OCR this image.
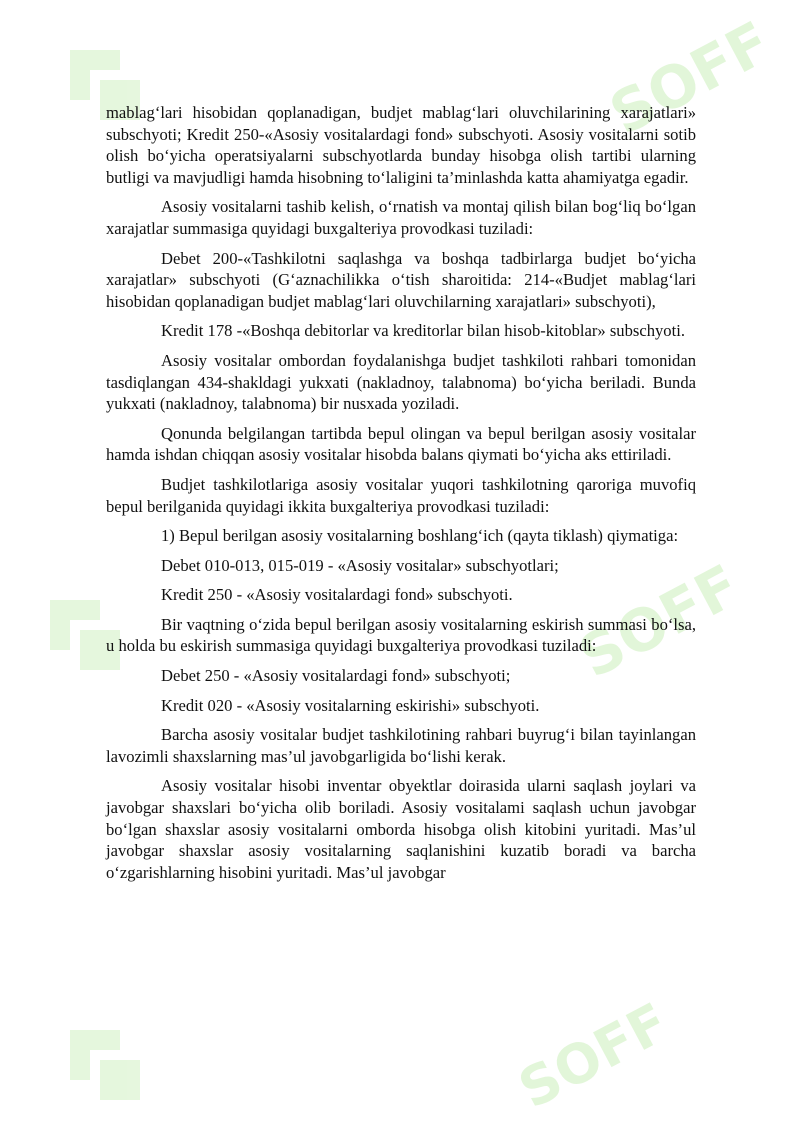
SOFF
SOFF
SOFF

mablag‘lari hisobidan qoplanadigan, budjet mablag‘lari oluvchilarining xarajatlari» subschyoti; Kredit 250-«Asosiy vositalardagi fond» subschyoti. Asosiy vositalarni sotib olish bo‘yicha operatsiyalarni subschyotlarda bunday hisobga olish tartibi ularning butligi va mavjudligi hamda hisobning to‘laligini ta’minlashda katta ahamiyatga egadir.

Asosiy vositalarni tashib kelish, o‘rnatish va montaj qilish bilan bog‘liq bo‘lgan xarajatlar summasiga quyidagi buxgalteriya provodkasi tuziladi:

Debet 200-«Tashkilotni saqlashga va boshqa tadbirlarga budjet bo‘yicha xarajatlar» subschyoti (G‘aznachilikka o‘tish sharoitida: 214-«Budjet mablag‘lari hisobidan qoplanadigan budjet mablag‘lari oluvchilarning xarajatlari» subschyoti),

Kredit 178 -«Boshqa debitorlar va kreditorlar bilan hisob-kitoblar» subschyoti.

Asosiy vositalar ombordan foydalanishga budjet tashkiloti rahbari tomonidan tasdiqlangan 434-shakldagi yukxati (nakladnoy, talabnoma) bo‘yicha beriladi. Bunda yukxati (nakladnoy, talabnoma) bir nusxada yoziladi.

Qonunda belgilangan tartibda bepul olingan va bepul berilgan asosiy vositalar hamda ishdan chiqqan asosiy vositalar hisobda balans qiymati bo‘yicha aks ettiriladi.

Budjet tashkilotlariga asosiy vositalar yuqori tashkilotning qaroriga muvofiq bepul berilganida quyidagi ikkita buxgalteriya provodkasi tuziladi:

1) Bepul berilgan asosiy vositalarning boshlang‘ich (qayta tiklash) qiymatiga:

Debet 010-013, 015-019 - «Asosiy vositalar» subschyotlari;

Kredit 250 - «Asosiy vositalardagi fond» subschyoti.

Bir vaqtning o‘zida bepul berilgan asosiy vositalarning eskirish summasi bo‘lsa, u holda bu eskirish summasiga quyidagi buxgalteriya provodkasi tuziladi:

Debet 250 - «Asosiy vositalardagi fond» subschyoti;

Kredit 020 - «Asosiy vositalarning eskirishi» subschyoti.

Barcha asosiy vositalar budjet tashkilotining rahbari buyrug‘i bilan tayinlangan lavozimli shaxslarning mas’ul javobgarligida bo‘lishi kerak.

Asosiy vositalar hisobi inventar obyektlar doirasida ularni saqlash joylari va javobgar shaxslari bo‘yicha olib boriladi. Asosiy vositalami saqlash uchun javobgar bo‘lgan shaxslar asosiy vositalarni omborda hisobga olish kitobini yuritadi. Mas’ul javobgar shaxslar asosiy vositalarning saqlanishini kuzatib boradi va barcha o‘zgarishlarning hisobini yuritadi. Mas’ul javobgar
